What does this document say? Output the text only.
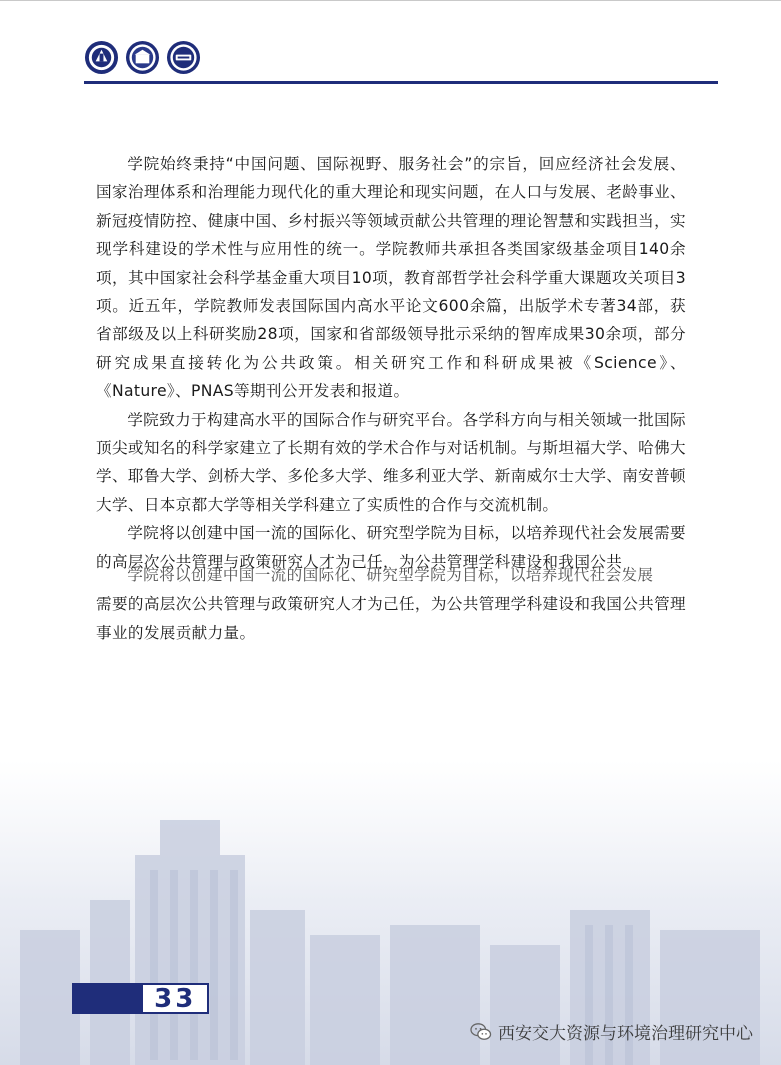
学院始终秉持“中国问题、国际视野、服务社会”的宗旨，回应经济社会发展、国家治理体系和治理能力现代化的重大理论和现实问题，在人口与发展、老龄事业、新冠疫情防控、健康中国、乡村振兴等领域贡献公共管理的理论智慧和实践担当，实现学科建设的学术性与应用性的统一。学院教师共承担各类国家级基金项目140余项，其中国家社会科学基金重大项目10项，教育部哲学社会科学重大课题攻关项目3项。近五年，学院教师发表国际国内高水平论文600余篇，出版学术专著34部，获省部级及以上科研奖励28项，国家和省部级领导批示采纳的智库成果30余项，部分研究成果直接转化为公共政策。相关研究工作和科研成果被《Science》、《Nature》、PNAS等期刊公开发表和报道。

学院致力于构建高水平的国际合作与研究平台。各学科方向与相关领域一批国际顶尖或知名的科学家建立了长期有效的学术合作与对话机制。与斯坦福大学、哈佛大学、耶鲁大学、剑桥大学、多伦多大学、维多利亚大学、新南威尔士大学、南安普顿大学、日本京都大学等相关学科建立了实质性的合作与交流机制。

学院将以创建中国一流的国际化、研究型学院为目标，以培养现代社会发展需要的高层次公共管理与政策研究人才为己任，为公共管理学科建设和我国公共

学院将以创建中国一流的国际化、研究型学院为目标，以培养现代社会发展

需要的高层次公共管理与政策研究人才为己任，为公共管理学科建设和我国公共管理事业的发展贡献力量。

33
西安交大资源与环境治理研究中心
